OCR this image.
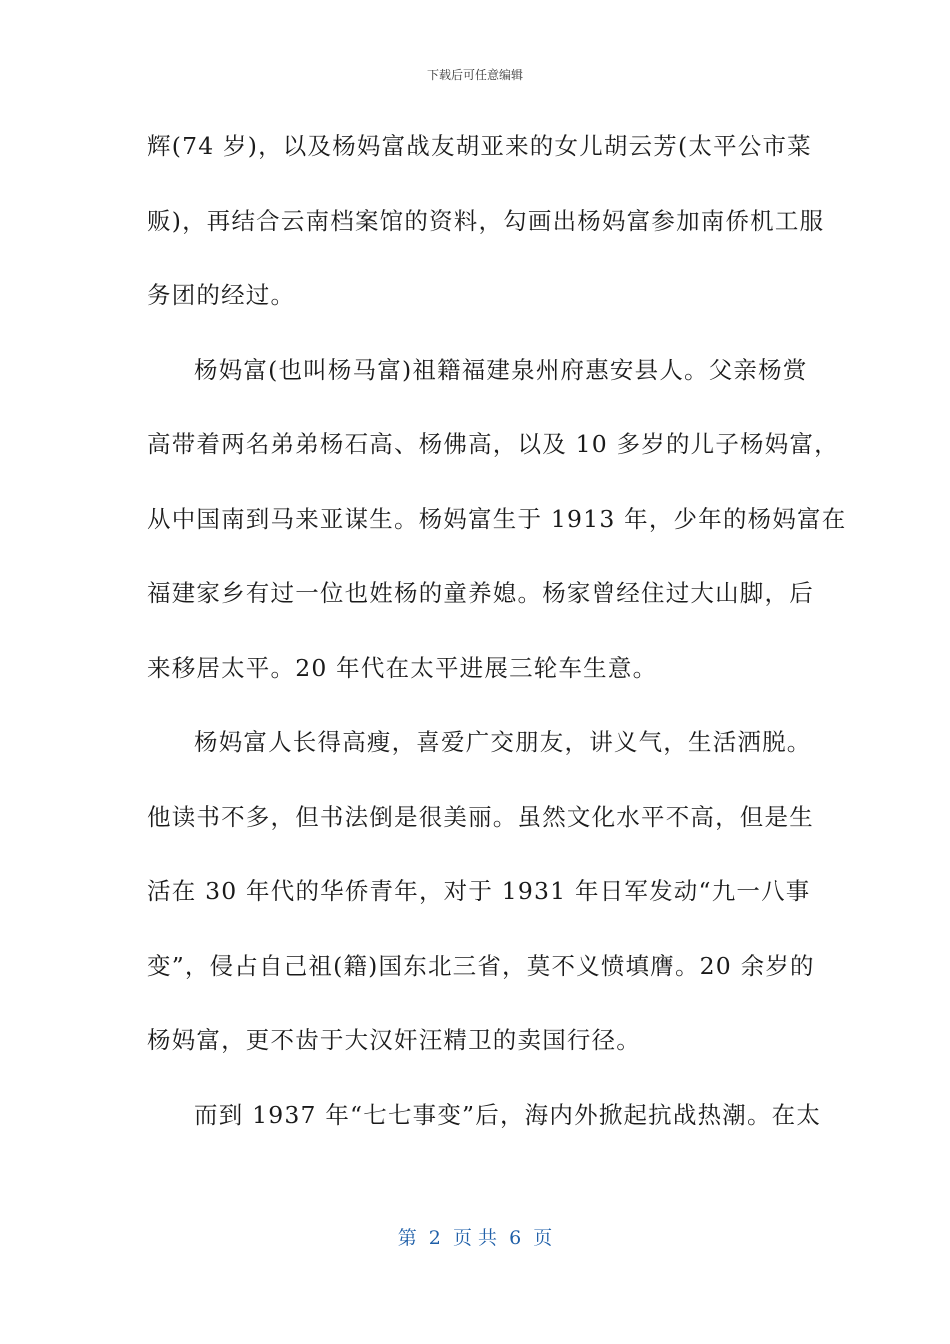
下载后可任意编辑
辉(74 岁)，以及杨妈富战友胡亚来的女儿胡云芳(太平公市菜
贩)，再结合云南档案馆的资料，勾画出杨妈富参加南侨机工服
务团的经过。
杨妈富(也叫杨马富)祖籍福建泉州府惠安县人。父亲杨赏
高带着两名弟弟杨石高、杨佛高，以及 10 多岁的儿子杨妈富，
从中国南到马来亚谋生。杨妈富生于 1913 年，少年的杨妈富在
福建家乡有过一位也姓杨的童养媳。杨家曾经住过大山脚，后
来移居太平。20 年代在太平进展三轮车生意。
杨妈富人长得高瘦，喜爱广交朋友，讲义气，生活洒脱。
他读书不多，但书法倒是很美丽。虽然文化水平不高，但是生
活在 30 年代的华侨青年，对于 1931 年日军发动“九一八事
变”，侵占自己祖(籍)国东北三省，莫不义愤填膺。20 余岁的
杨妈富，更不齿于大汉奸汪精卫的卖国行径。
而到 1937 年“七七事变”后，海内外掀起抗战热潮。在太
第  2  页 共  6  页
